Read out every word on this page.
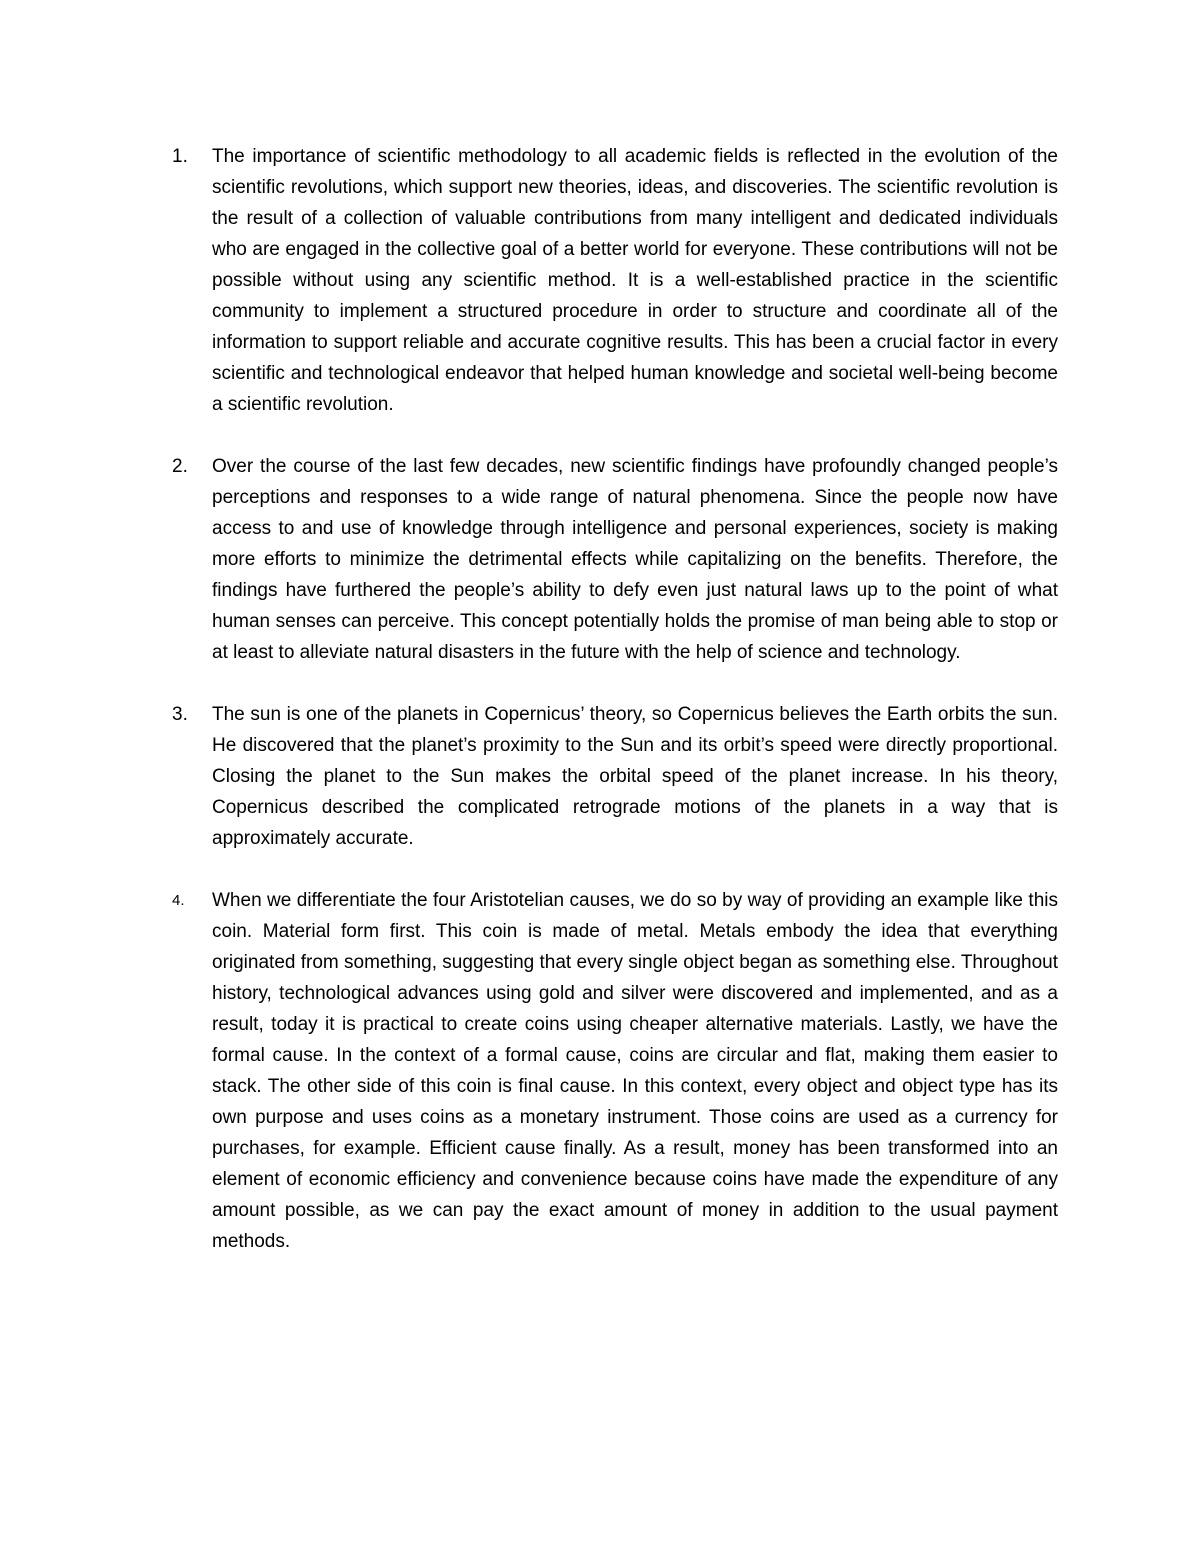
1.	The importance of scientific methodology to all academic fields is reflected in the evolution of the scientific revolutions, which support new theories, ideas, and discoveries. The scientific revolution is the result of a collection of valuable contributions from many intelligent and dedicated individuals who are engaged in the collective goal of a better world for everyone. These contributions will not be possible without using any scientific method. It is a well-established practice in the scientific community to implement a structured procedure in order to structure and coordinate all of the information to support reliable and accurate cognitive results. This has been a crucial factor in every scientific and technological endeavor that helped human knowledge and societal well-being become a scientific revolution.

2.	Over the course of the last few decades, new scientific findings have profoundly changed people’s perceptions and responses to a wide range of natural phenomena. Since the people now have access to and use of knowledge through intelligence and personal experiences, society is making more efforts to minimize the detrimental effects while capitalizing on the benefits. Therefore, the findings have furthered the people’s ability to defy even just natural laws up to the point of what human senses can perceive. This concept potentially holds the promise of man being able to stop or at least to alleviate natural disasters in the future with the help of science and technology.

3.	The sun is one of the planets in Copernicus’ theory, so Copernicus believes the Earth orbits the sun. He discovered that the planet’s proximity to the Sun and its orbit’s speed were directly proportional. Closing the planet to the Sun makes the orbital speed of the planet increase. In his theory, Copernicus described the complicated retrograde motions of the planets in a way that is approximately accurate.

4.	When we differentiate the four Aristotelian causes, we do so by way of providing an example like this coin. Material form first. This coin is made of metal. Metals embody the idea that everything originated from something, suggesting that every single object began as something else. Throughout history, technological advances using gold and silver were discovered and implemented, and as a result, today it is practical to create coins using cheaper alternative materials. Lastly, we have the formal cause. In the context of a formal cause, coins are circular and flat, making them easier to stack. The other side of this coin is final cause. In this context, every object and object type has its own purpose and uses coins as a monetary instrument. Those coins are used as a currency for purchases, for example. Efficient cause finally. As a result, money has been transformed into an element of economic efficiency and convenience because coins have made the expenditure of any amount possible, as we can pay the exact amount of money in addition to the usual payment methods.
